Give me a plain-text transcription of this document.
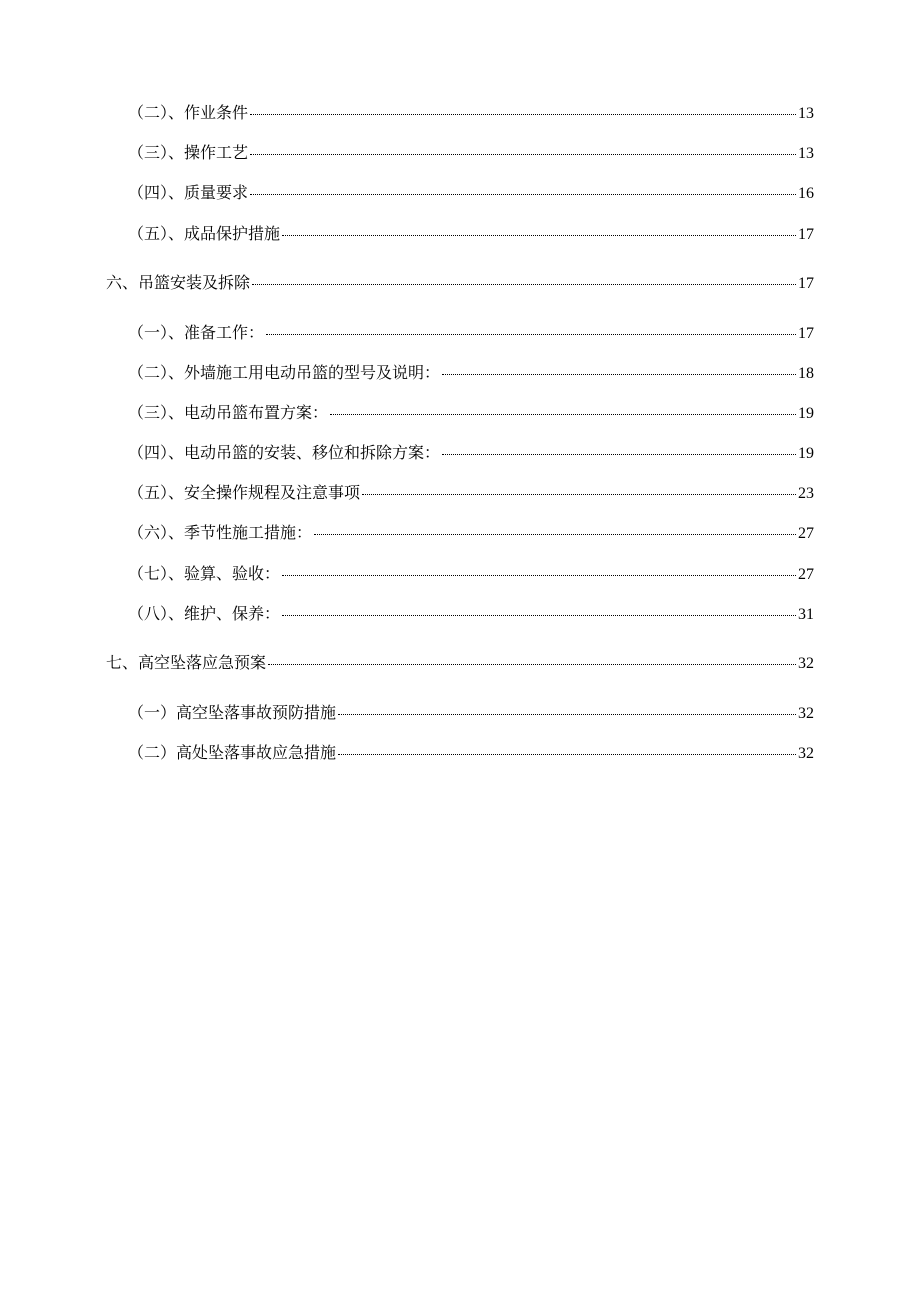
（二）、作业条件	13
（三）、操作工艺	13
（四）、质量要求	16
（五）、成品保护措施	17
六、吊篮安装及拆除	17
（一）、准备工作：	17
（二）、外墙施工用电动吊篮的型号及说明：	18
（三）、电动吊篮布置方案：	19
（四）、电动吊篮的安装、移位和拆除方案：	19
（五）、安全操作规程及注意事项	23
（六）、季节性施工措施：	27
（七）、验算、验收：	27
（八）、维护、保养：	31
七、高空坠落应急预案	32
（一）高空坠落事故预防措施	32
（二）高处坠落事故应急措施	32
